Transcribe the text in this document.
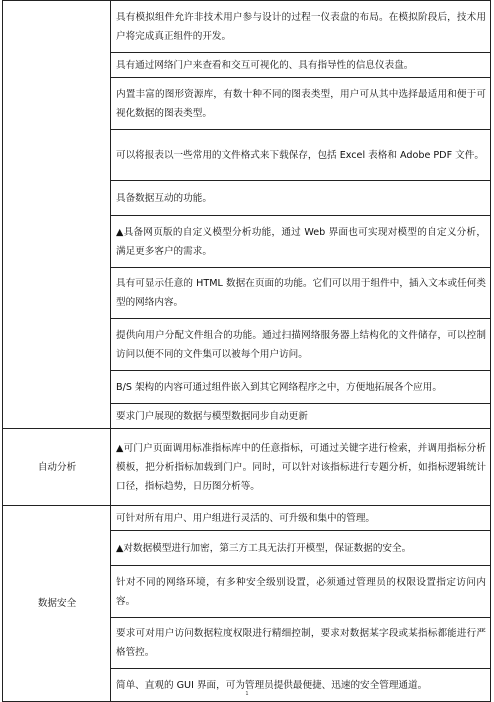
	具有模拟组件允许非技术用户参与设计的过程一仪表盘的布局。在模拟阶段后，技术用户将完成真正组件的开发。
	具有通过网络门户来查看和交互可视化的、具有指导性的信息仪表盘。
	内置丰富的图形资源库，有数十种不同的图表类型，用户可从其中选择最适用和便于可视化数据的图表类型。
	可以将报表以一些常用的文件格式来下载保存，包括 Excel 表格和 Adobe PDF 文件。
	具备数据互动的功能。
	▲具备网页版的自定义模型分析功能，通过 Web 界面也可实现对模型的自定义分析，满足更多客户的需求。
	具有可显示任意的 HTML 数据在页面的功能。它们可以用于组件中，插入文本或任何类型的网络内容。
	提供向用户分配文件组合的功能。通过扫描网络服务器上结构化的文件储存，可以控制访问以便不同的文件集可以被每个用户访问。
	B/S 架构的内容可通过组件嵌入到其它网络程序之中，方便地拓展各个应用。
	要求门户展现的数据与模型数据同步自动更新
自动分析	▲可门户页面调用标准指标库中的任意指标，可通过关键字进行检索，并调用指标分析模板，把分析指标加载到门户。同时，可以针对该指标进行专题分析，如指标逻辑统计口径，指标趋势，日历图分析等。
数据安全	可针对所有用户、用户组进行灵活的、可升级和集中的管理。
	▲对数据模型进行加密，第三方工具无法打开模型，保证数据的安全。
	针对不同的网络环境，有多种安全级别设置，必须通过管理员的权限设置指定访问内容。
	要求可对用户访问数据粒度权限进行精细控制，要求对数据某字段或某指标都能进行严格管控。
	简单、直观的 GUI 界面，可为管理员提供最便捷、迅速的安全管理通道。
1
